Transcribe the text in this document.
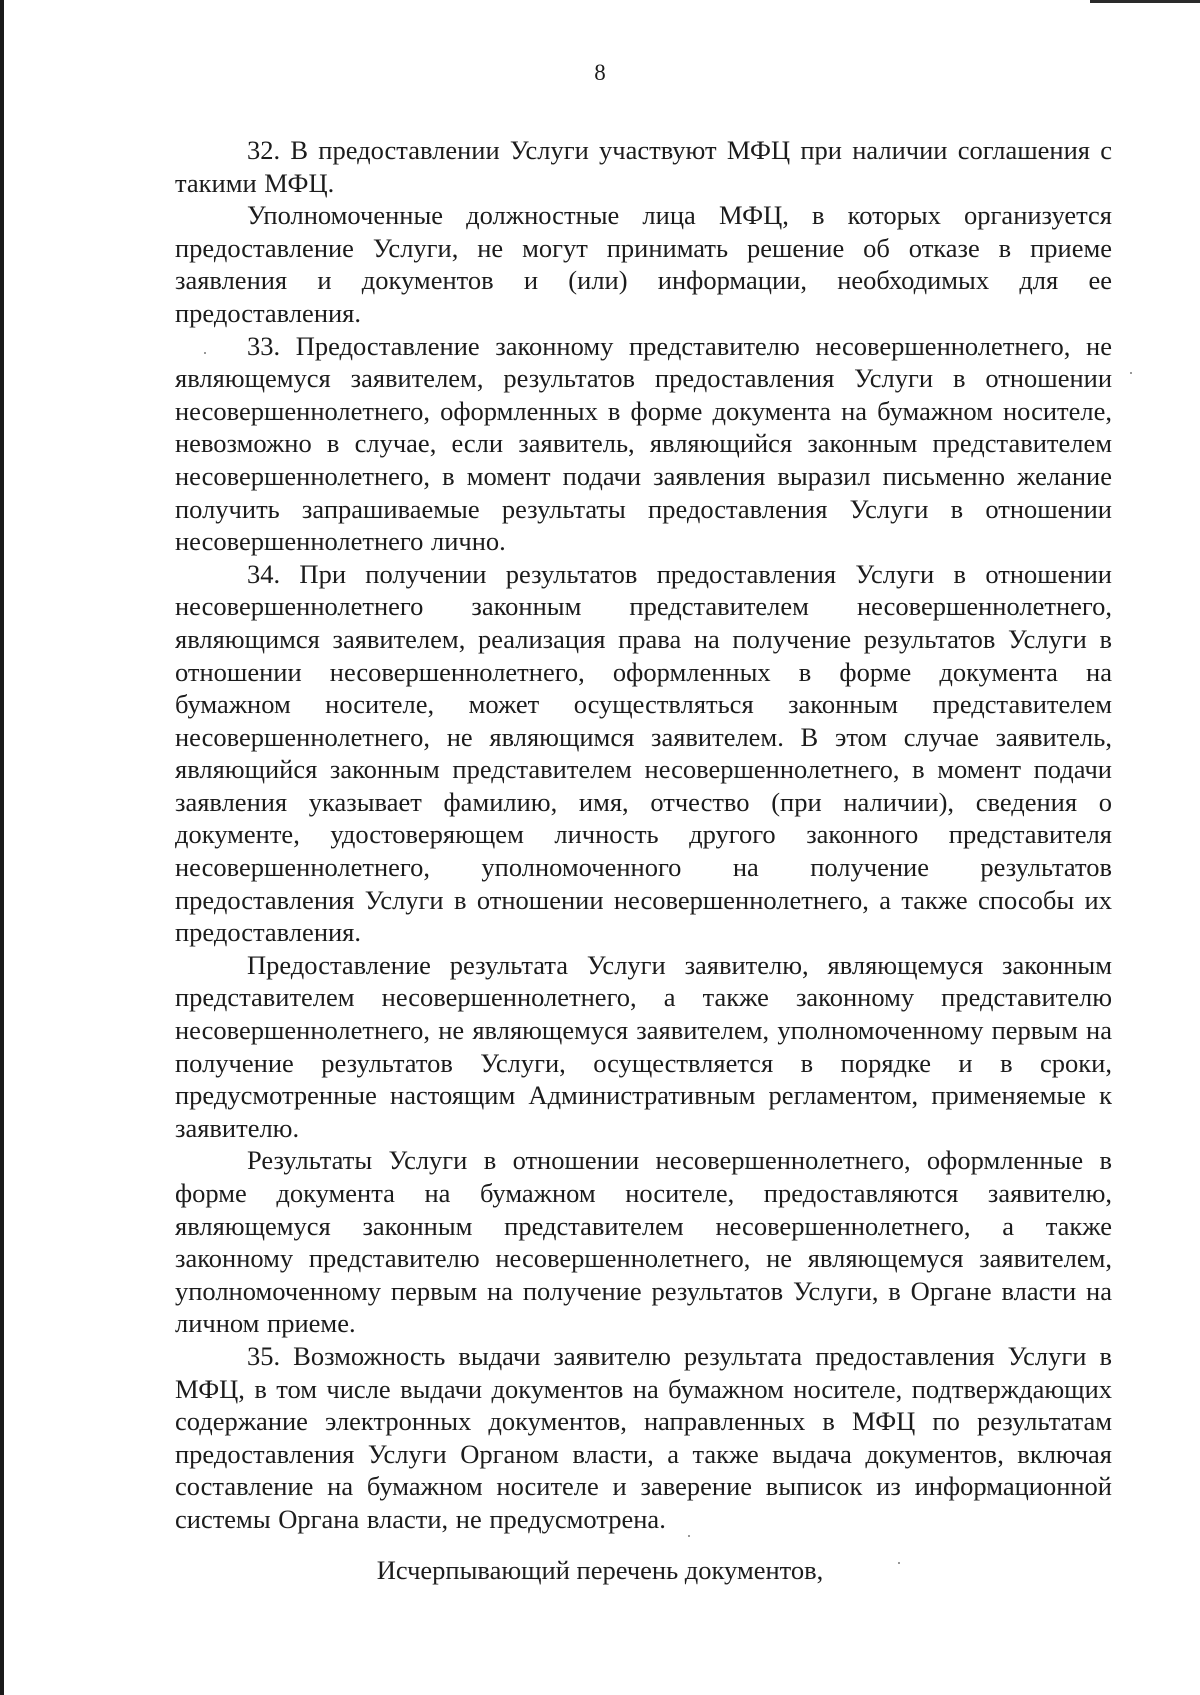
8

32. В предоставлении Услуги участвуют МФЦ при наличии соглашения с такими МФЦ.

Уполномоченные должностные лица МФЦ, в которых организуется предоставление Услуги, не могут принимать решение об отказе в приеме заявления и документов и (или) информации, необходимых для ее предоставления.

33. Предоставление законному представителю несовершеннолетнего, не являющемуся заявителем, результатов предоставления Услуги в отношении несовершеннолетнего, оформленных в форме документа на бумажном носителе, невозможно в случае, если заявитель, являющийся законным представителем несовершеннолетнего, в момент подачи заявления выразил письменно желание получить запрашиваемые результаты предоставления Услуги в отношении несовершеннолетнего лично.

34. При получении результатов предоставления Услуги в отношении несовершеннолетнего законным представителем несовершеннолетнего, являющимся заявителем, реализация права на получение результатов Услуги в отношении несовершеннолетнего, оформленных в форме документа на бумажном носителе, может осуществляться законным представителем несовершеннолетнего, не являющимся заявителем. В этом случае заявитель, являющийся законным представителем несовершеннолетнего, в момент подачи заявления указывает фамилию, имя, отчество (при наличии), сведения о документе, удостоверяющем личность другого законного представителя несовершеннолетнего, уполномоченного на получение результатов предоставления Услуги в отношении несовершеннолетнего, а также способы их предоставления.

Предоставление результата Услуги заявителю, являющемуся законным представителем несовершеннолетнего, а также законному представителю несовершеннолетнего, не являющемуся заявителем, уполномоченному первым на получение результатов Услуги, осуществляется в порядке и в сроки, предусмотренные настоящим Административным регламентом, применяемые к заявителю.

Результаты Услуги в отношении несовершеннолетнего, оформленные в форме документа на бумажном носителе, предоставляются заявителю, являющемуся законным представителем несовершеннолетнего, а также законному представителю несовершеннолетнего, не являющемуся заявителем, уполномоченному первым на получение результатов Услуги, в Органе власти на личном приеме.

35. Возможность выдачи заявителю результата предоставления Услуги в МФЦ, в том числе выдачи документов на бумажном носителе, подтверждающих содержание электронных документов, направленных в МФЦ по результатам предоставления Услуги Органом власти, а также выдача документов, включая составление на бумажном носителе и заверение выписок из информационной системы Органа власти, не предусмотрена.

Исчерпывающий перечень документов,
